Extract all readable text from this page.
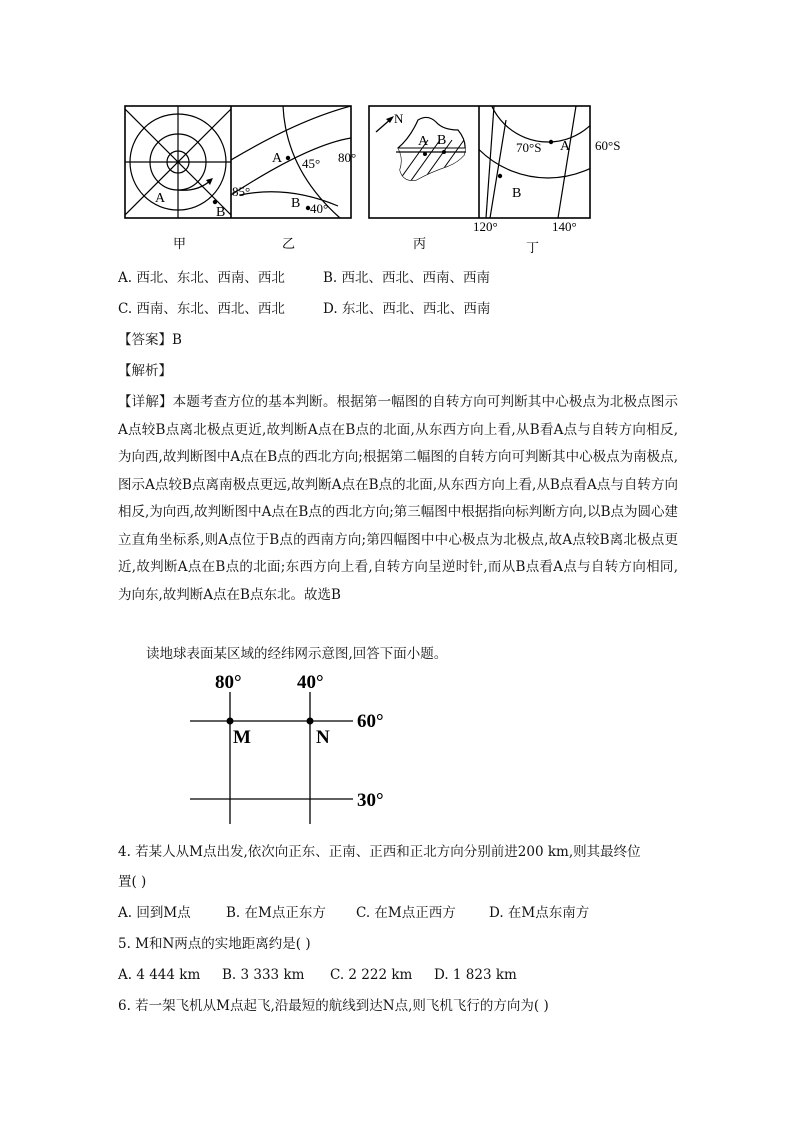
A
B
A 45° 80°
85°
B 40°
N
A B	70°S A 60°S
B
120°	140°
甲	乙	丙	丁
A. 西北、东北、西南、西北	B. 西北、西北、西南、西南
C. 西南、东北、西北、西北	D. 东北、西北、西北、西南
【答案】B
【解析】
【详解】本题考查方位的基本判断。根据第一幅图的自转方向可判断其中心极点为北极点图示A点较B点离北极点更近,故判断A点在B点的北面,从东西方向上看,从B看A点与自转方向相反,为向西,故判断图中A点在B点的西北方向;根据第二幅图的自转方向可判断其中心极点为南极点,图示A点较B点离南极点更远,故判断A点在B点的北面,从东西方向上看,从B点看A点与自转方向相反,为向西,故判断图中A点在B点的西北方向;第三幅图中根据指向标判断方向,以B点为圆心建立直角坐标系,则A点位于B点的西南方向;第四幅图中中心极点为北极点,故A点较B离北极点更近,故判断A点在B点的北面;东西方向上看,自转方向呈逆时针,而从B点看A点与自转方向相同,为向东,故判断A点在B点东北。故选B
读地球表面某区域的经纬网示意图,回答下面小题。
80°	40°
60°
30°
M	N
4. 若某人从M点出发,依次向正东、正南、正西和正北方向分别前进200 km,则其最终位
置( )
A. 回到M点	B. 在M点正东方 C. 在M点正西方 D. 在M点东南方
5. M和N两点的实地距离约是( )
A. 4 444 km B. 3 333 km C. 2 222 km D. 1 823 km
6. 若一架飞机从M点起飞,沿最短的航线到达N点,则飞机飞行的方向为( )
